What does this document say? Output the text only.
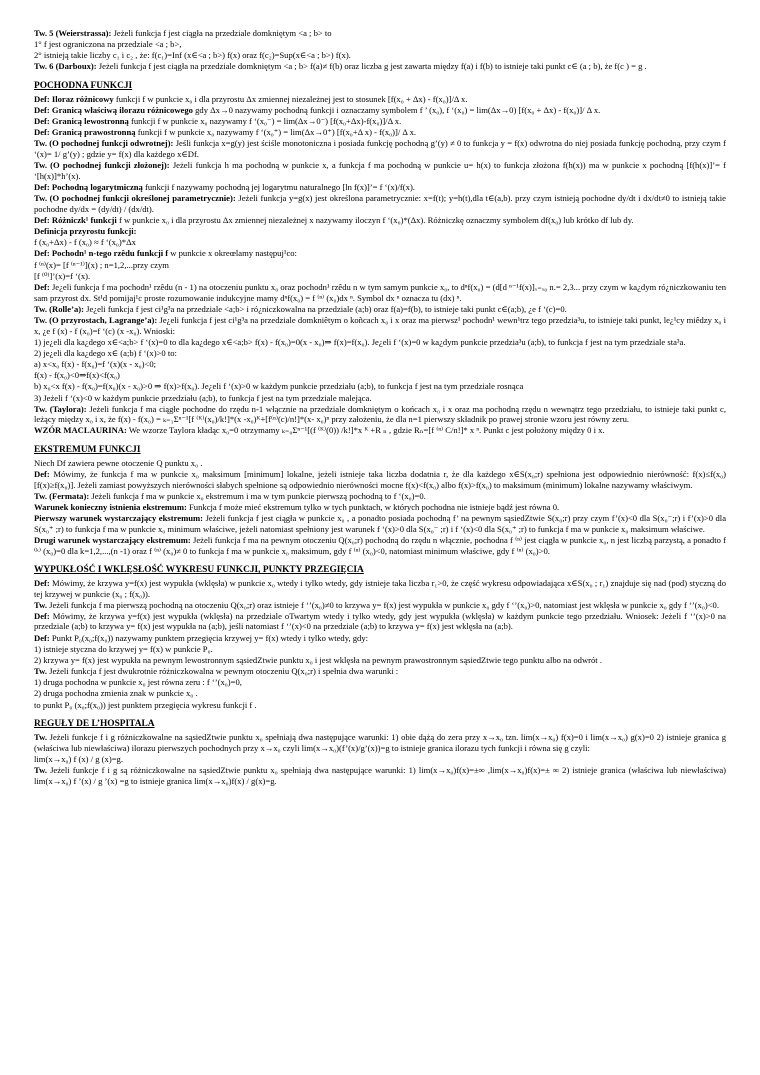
Tw. 5 (Weierstrassa): Jeżeli funkcja f jest ciągła na przedziale domkniętym <a ; b> to

1° f jest ograniczona na przedziale <a ; b>,

2° istnieją takie liczby c₁ i c₂ , że: f(c₁)=Inf (x∈<a ; b>) f(x) oraz f(c₂)=Sup(x∈<a ; b>) f(x).

Tw. 6 (Darboux): Jeżeli funkcja f jest ciągła na przedziale domkniętym <a ; b> f(a)≠ f(b) oraz liczba g jest zawarta między f(a) i f(b) to istnieje taki punkt c∈ (a ; b), że f(c ) = g .

POCHODNA FUNKCJI

Def: Iloraz różnicowy funkcji f w punkcie x₀ i dla przyrostu Δx zmiennej niezależnej jest to stosunek [f(x₀ + Δx) - f(x₀)]/Δ x.

Def: Granicą właściwą ilorazu różnicowego gdy Δx→0 nazywamy pochodną funkcji i oznaczamy symbolem f ’ (x₀), f ‘(x₀) = lim(Δx→0) [f(x₀ + Δx) - f(x₀)]/ Δ x.

Def: Granicą lewostronną funkcji f w punkcie x₀ nazywamy f ‘(x₀⁻) = lim(Δx→0⁻) [f(x₀+Δx)-f(x₀)]/Δ x.

Def: Granicą prawostronną funkcji f w punkcie x₀ nazywamy f ‘(x₀⁺) = lim(Δx→0⁺) [f(x₀+Δ x) - f(x₀)]/ Δ x.

Tw. (O pochodnej funkcji odwrotnej): Jeśli funkcja x=g(y) jest ściśle monotoniczna i posiada funkcję pochodną g’(y) ≠ 0 to funkcja y = f(x) odwrotna do niej posiada funkcję pochodną, przy czym f ‘(x)= 1/ g’(y) ; gdzie y= f(x) dla każdego x∈Df.

Tw. (O pochodnej funkcji złożonej): Jeżeli funkcja h ma pochodną w punkcie x, a funkcja f ma pochodną w punkcie u= h(x) to funkcja złożona f(h(x)) ma w punkcie x pochodną [f(h(x)]’= f ‘[h(x)]*h’(x).

Def: Pochodną logarytmiczną funkcji f nazywamy pochodną jej logarytmu naturalnego [ln f(x)]’= f ‘(x)/f(x).

Tw. (O pochodnej funkcji określonej parametrycznie): Jeżeli funkcja y=g(x) jest określona parametrycznie: x=f(t); y=h(t),dla t∈(a,b). przy czym istnieją pochodne dy/dt i dx/dt≠0 to istnieją takie pochodne dy/dx = (dy/dt) / (dx/dt).

Def: Różniczk¹ funkcji f w punkcie x₀ i dla przyrostu Δx zmiennej niezależnej x nazywamy iloczyn f ‘(x₀)*(Δx). Różniczkę oznaczmy symbolem df(x₀) lub krótko df lub dy.

Definicja przyrostu funkcji:

f (x₀+Δx) - f (x₀) ≈ f ‘(x₀)*Δx

Def: Pochodn¹ n-tego rzêdu funkcji f w punkcie x okreœlamy następuj¹co:

f ⁽ⁿ⁾(x)= [f ⁽ⁿ⁻¹⁾](x) ; n=1,2,...przy czym

[f ⁽⁰⁾]’(x)=f ‘(x).

Def: Je¿eli funkcja f ma pochodn¹ rzêdu (n - 1) na otoczeniu punktu x₀ oraz pochodn¹ rzêdu n w tym samym punkcie x₀, to dⁿf(x₀) = (d[d ⁿ⁻¹f(x)]ₓ₌ₓ₀ n.= 2,3... przy czym w ka¿dym ró¿niczkowaniu ten sam przyrost dx. St¹d pomijaj¹c proste rozumowanie indukcyjne mamy dⁿf(x₀) = f ⁽ⁿ⁾ (x₀)dx ⁿ. Symbol dx ⁿ oznacza tu (dx) ⁿ.

Tw. (Rolle’a): Je¿eli funkcja f jest ci¹g³a na przedziale <a;b> i ró¿niczkowalna na przedziale (a;b) oraz f(a)=f(b), to istnieje taki punkt c∈(a;b), ¿e f ‘(c)=0.

Tw. (O przyrostach, Lagrange’a): Je¿eli funkcja f jest ci¹g³a na przedziale domkniêtym o koñcach x₀ i x oraz ma pierwsz¹ pochodn¹ wewn¹trz tego przedzia³u, to istnieje taki punkt, le¿¹cy miêdzy x₀ i x, ¿e f (x) - f (x₀)=f ‘(c) (x -x₀). Wnioski:

1) je¿eli dla ka¿dego x∈<a;b> f ‘(x)=0 to dla ka¿dego x∈<a;b> f(x) - f(x₀)=0(x - x₀)⇒ f(x)=f(x₀). Je¿eli f ‘(x)=0 w ka¿dym punkcie przedzia³u (a;b), to funkcja f jest na tym przedziale sta³a.

2) je¿eli dla ka¿dego x∈ (a;b) f ‘(x)>0 to:

a) x<x₀ f(x) - f(x₀)=f ‘(x)(x - x₀)<0;

f(x) - f(x₀)<0⇒f(x)<f(x₀)

b) x₀<x f(x) - f(x₀)=f(x₀)(x - x₀)>0 ⇒ f(x)>f(x₀). Je¿eli f ‘(x)>0 w każdym punkcie przedziału (a;b), to funkcja f jest na tym przedziale rosnąca

3) Jeżeli f ‘(x)<0 w każdym punkcie przedziału (a;b), to funkcja f jest na tym przedziale malejąca.

Tw. (Taylora): Jeżeli funkcja f ma ciągłe pochodne do rzędu n-1 włącznie na przedziale domkniętym o końcach x₀ i x oraz ma pochodną rzędu n wewnątrz tego przedziału, to istnieje taki punkt c, leżący między x₀ i x, że f(x) - f(x₀) = ₖ₌₁Σⁿ⁻¹[f ⁽ᴷ⁾(x₀)/k!]*(x -x₀)ᴷ+[f⁽ⁿ⁾(c)/n!]*(x- x₀)ⁿ przy założeniu, że dla n=1 pierwszy składnik po prawej stronie wzoru jest równy zeru.

WZÓR MACLAURINA: We wzorze Taylora kładąc x₀=0 otrzymamy ₖ₌₀Σⁿ⁻¹[(f ⁽ᴷ⁾(0)) /k!]*x ᴷ +R ₙ , gdzie Rₙ=[f ⁽ⁿ⁾ C/n!]* x ⁿ. Punkt c jest położony między 0 i x.

EKSTREMUM FUNKCJI

Niech Df zawiera pewne otoczenie Q punktu x₀ .

Def: Mówimy, że funkcja f ma w punkcie x₀ maksimum [minimum] lokalne, jeżeli istnieje taka liczba dodatnia r, że dla każdego x∈S(x₀;r) spełniona jest odpowiednio nierówność: f(x)≤f(x₀) [f(x)≥f(x₀)]. Jeżeli zamiast powyższych nierówności słabych spełnione są odpowiednio nierówności mocne f(x)<f(x₀) albo f(x)>f(x₀) to maksimum (minimum) lokalne nazywamy właściwym.

Tw. (Fermata): Jeżeli funkcja f ma w punkcie x₀ ekstremum i ma w tym punkcie pierwszą pochodną to f ‘(x₀)=0.

Warunek konieczny istnienia ekstremum: Funkcja f może mieć ekstremum tylko w tych punktach, w których pochodna nie istnieje bądź jest równa 0.

Pierwszy warunek wystarczający ekstremum: Jeżeli funkcja f jest ciągła w punkcie x₀ , a ponadto posiada pochodną f’ na pewnym sąsiedZtwie S(x₀;r) przy czym f’(x)<0 dla S(x₀⁻;r) i f’(x)>0 dla S(x₀⁺ ;r) to funkcja f ma w punkcie x₀ minimum właściwe, jeżeli natomiast spełniony jest warunek f ‘(x)>0 dla S(x₀⁻ ;r) i f ‘(x)<0 dla S(x₀⁺ ;r) to funkcja f ma w punkcie x₀ maksimum właściwe.

Drugi warunek wystarczający ekstremum: Jeżeli funkcja f ma na pewnym otoczeniu Q(x₀;r) pochodną do rzędu n włącznie, pochodna f ⁽ⁿ⁾ jest ciągła w punkcie x₀, n jest liczbą parzystą, a ponadto f ⁽ᵏ⁾ (x₀)=0 dla k=1,2,...,(n -1) oraz f ⁽ⁿ⁾ (x₀)≠ 0 to funkcja f ma w punkcie x₀ maksimum, gdy f ⁽ⁿ⁾ (x₀)<0, natomiast minimum właściwe, gdy f ⁽ⁿ⁾ (x₀)>0.

WYPUKŁOŚĆ I WKLĘSŁOŚĆ WYKRESU FUNKCJI, PUNKTY PRZEGIĘCIA

Def: Mówimy, że krzywa y=f(x) jest wypukła (wklęsła) w punkcie x₀ wtedy i tylko wtedy, gdy istnieje taka liczba r₁>0, że część wykresu odpowiadająca x∈S(x₀ ; r₁) znajduje się nad (pod) styczną do tej krzywej w punkcie (x₀ ; f(x₀)).

Tw. Jeżeli funkcja f ma pierwszą pochodną na otoczeniu Q(x₀;r) oraz istnieje f ‘’(x₀)≠0 to krzywa y= f(x) jest wypukła w punkcie x₀ gdy f ‘’(x₀)>0, natomiast jest wklęsła w punkcie x₀ gdy f ‘’(x₀)<0.

Def: Mówimy, że krzywa y=f(x) jest wypukła (wklęsła) na przedziale oTwartym wtedy i tylko wtedy, gdy jest wypukła (wklęsła) w każdym punkcie tego przedziału. Wniosek: Jeżeli f ‘’(x)>0 na przedziale (a;b) to krzywa y= f(x) jest wypukła na (a;b), jeśli natomiast f ‘’(x)<0 na przedziale (a;b) to krzywa y= f(x) jest wklęsła na (a;b).

Def: Punkt P₀(x₀;f(x₀)) nazywamy punktem przegięcia krzywej y= f(x) wtedy i tylko wtedy, gdy:

1) istnieje styczna do krzywej y= f(x) w punkcie P₀.

2) krzywa y= f(x) jest wypukła na pewnym lewostronnym sąsiedZtwie punktu x₀ i jest wklęsła na pewnym prawostronnym sąsiedZtwie tego punktu albo na odwrót .

Tw. Jeżeli funkcja f jest dwukrotnie różniczkowalna w pewnym otoczeniu Q(x₀;r) i spełnia dwa warunki :

1) druga pochodna w punkcie x₀ jest równa zeru : f ‘’(x₀)=0,

2) druga pochodna zmienia znak w punkcie x₀ .

to punkt P₀ (x₀;f(x₀)) jest punktem przegięcia wykresu funkcji f .

REGUŁY DE L’HOSPITALA

Tw. Jeżeli funkcje f i g różniczkowalne na sąsiedZtwie punktu x₀ spełniają dwa następujące warunki: 1) obie dążą do zera przy x→x₀ tzn. lim(x→x₀) f(x)=0 i lim(x→x₀) g(x)=0 2) istnieje granica g (właściwa lub niewłaściwa) ilorazu pierwszych pochodnych przy x→x₀ czyli lim(x→x₀)(f’(x)/g’(x))=g to istnieje granica ilorazu tych funkcji i równa się g czyli:

lim(x→x₀) f (x) / g (x)=g.

Tw. Jeżeli funkcje f i g są różniczkowalne na sąsiedZtwie punktu x₀ spełniają dwa następujące warunki: 1) lim(x→x₀)f(x)=±∞ ,lim(x→x₀)f(x)=± ∞ 2) istnieje granica (właściwa lub niewłaściwa) lim(x→x₀) f ’(x) / g ’(x) =g to istnieje granica lim(x→x₀)f(x) / g(x)=g.
